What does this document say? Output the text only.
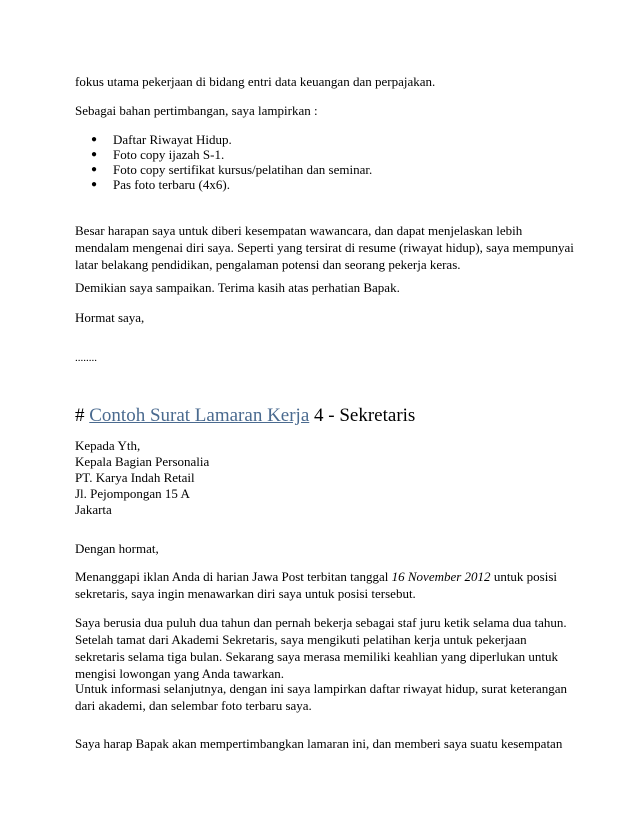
fokus utama pekerjaan di bidang entri data keuangan dan perpajakan.

Sebagai bahan pertimbangan, saya lampirkan :

● Daftar Riwayat Hidup.
● Foto copy ijazah S-1.
● Foto copy sertifikat kursus/pelatihan dan seminar.
● Pas foto terbaru (4x6).

Besar harapan saya untuk diberi kesempatan wawancara, dan dapat menjelaskan lebih mendalam mengenai diri saya. Seperti yang tersirat di resume (riwayat hidup), saya mempunyai latar belakang pendidikan, pengalaman potensi dan seorang pekerja keras.

Demikian saya sampaikan. Terima kasih atas perhatian Bapak.

Hormat saya,

........

# Contoh Surat Lamaran Kerja 4 - Sekretaris
Kepada Yth,
Kepala Bagian Personalia
PT. Karya Indah Retail
Jl. Pejompongan 15 A
Jakarta

Dengan hormat,

Menanggapi iklan Anda di harian Jawa Post terbitan tanggal 16 November 2012 untuk posisi sekretaris, saya ingin menawarkan diri saya untuk posisi tersebut.

Saya berusia dua puluh dua tahun dan pernah bekerja sebagai staf juru ketik selama dua tahun. Setelah tamat dari Akademi Sekretaris, saya mengikuti pelatihan kerja untuk pekerjaan sekretaris selama tiga bulan. Sekarang saya merasa memiliki keahlian yang diperlukan untuk mengisi lowongan yang Anda tawarkan.

Untuk informasi selanjutnya, dengan ini saya lampirkan daftar riwayat hidup, surat keterangan dari akademi, dan selembar foto terbaru saya.

Saya harap Bapak akan mempertimbangkan lamaran ini, dan memberi saya suatu kesempatan
